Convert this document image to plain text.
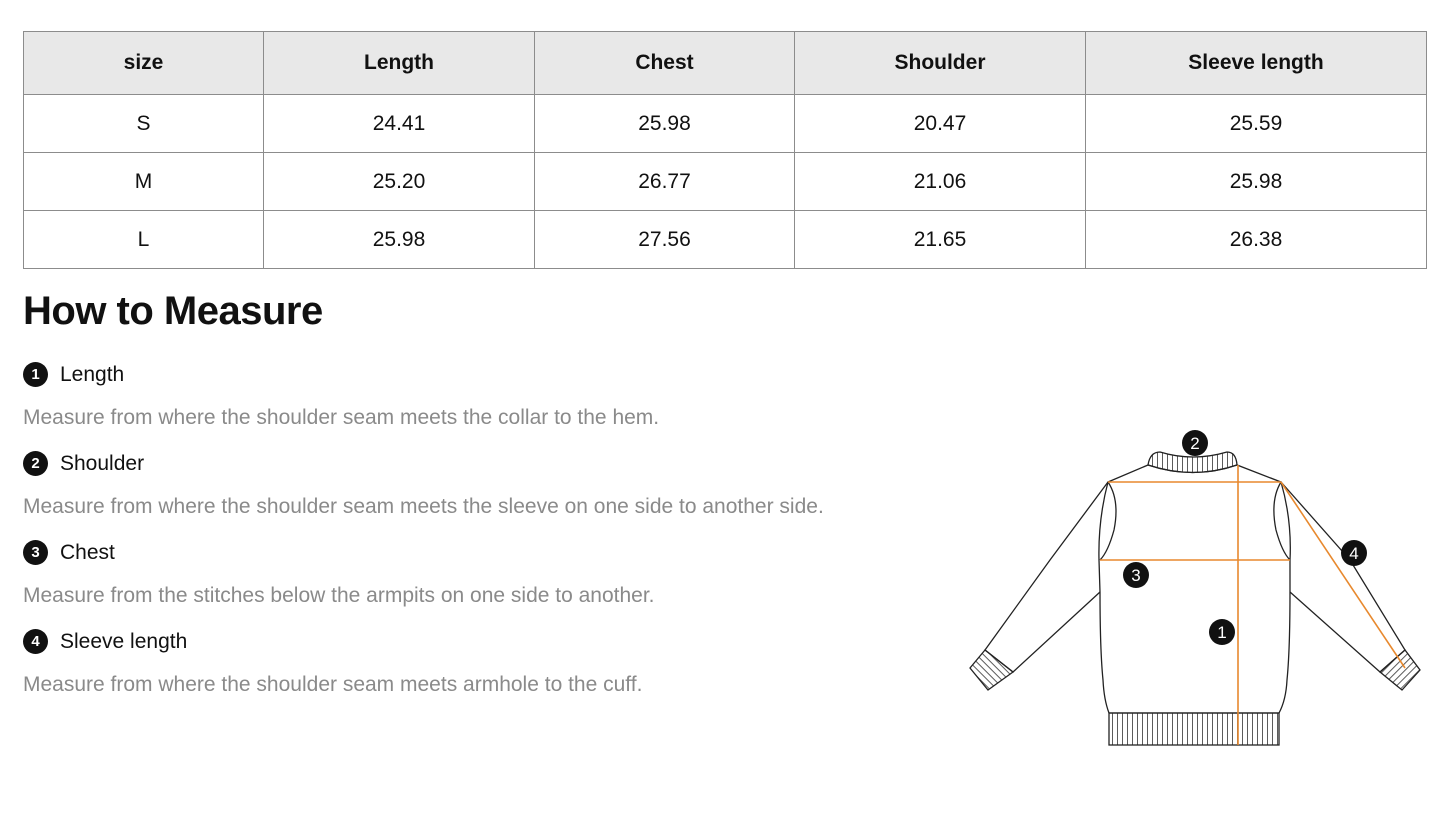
size	Length	Chest	Shoulder	Sleeve length
S	24.41	25.98	20.47	25.59
M	25.20	26.77	21.06	25.98
L	25.98	27.56	21.65	26.38
How to Measure
1 Length

Measure from where the shoulder seam meets the collar to the hem.

2 Shoulder

Measure from where the shoulder seam meets the sleeve on one side to another side.

3 Chest

Measure from the stitches below the armpits on one side to another.

4 Sleeve length

Measure from where the shoulder seam meets armhole to the cuff.

2
4
3
1
